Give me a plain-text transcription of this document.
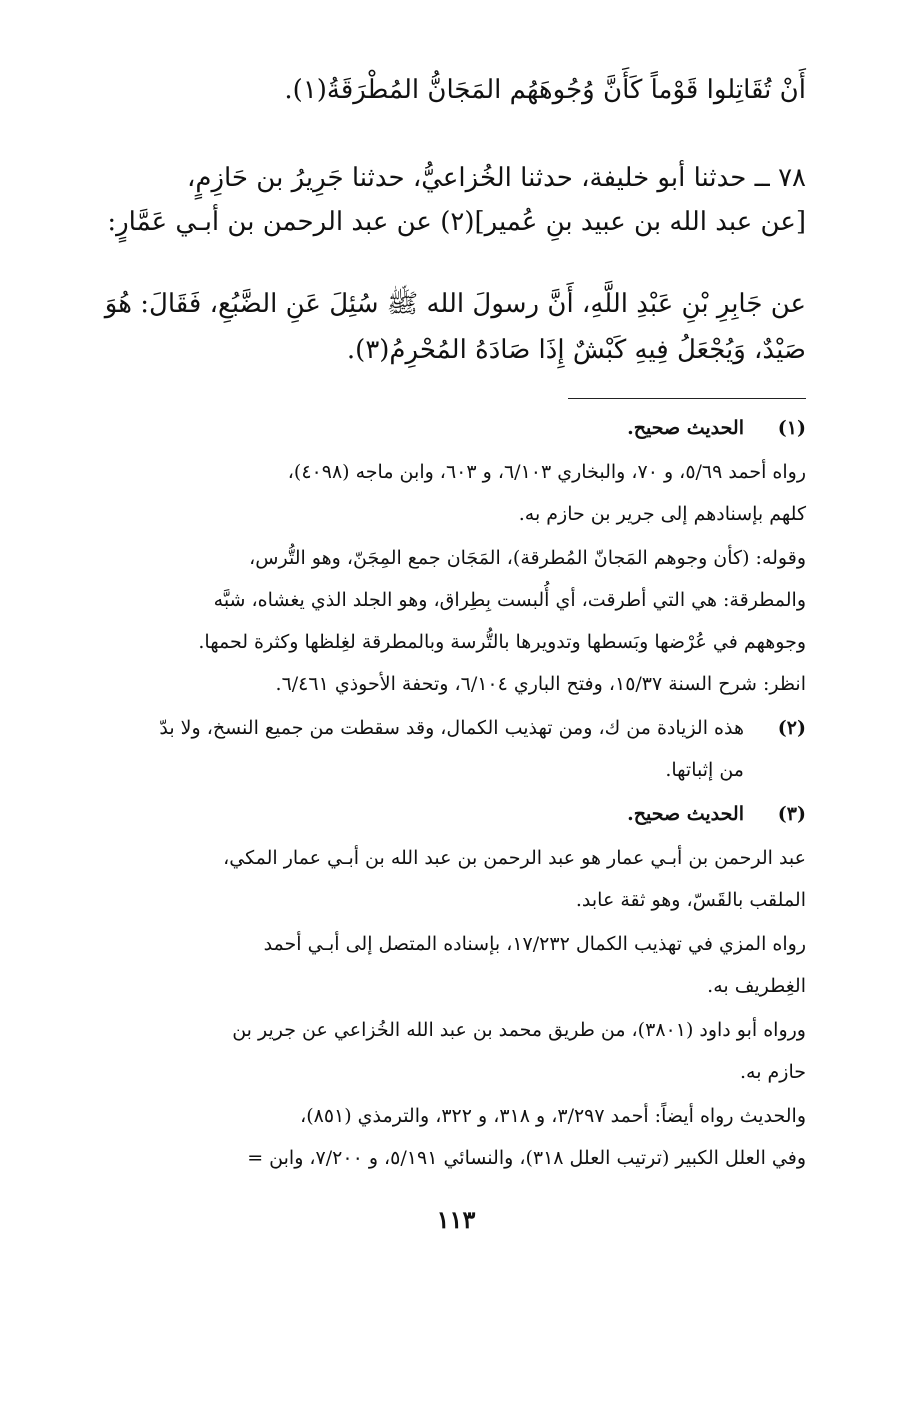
أَنْ تُقَاتِلوا قَوْماً كَأَنَّ وُجُوهَهُم المَجَانُّ المُطْرَقَةُ(١).
٧٨ ــ حدثنا أبو خليفة، حدثنا الخُزاعيُّ، حدثنا جَرِيرُ بن حَازِمٍ،
[عن عبد الله بن عبيد بنِ عُمير](٢) عن عبد الرحمن بن أبـي عَمَّارٍ:
عن جَابِرِ بْنِ عَبْدِ اللَّهِ، أَنَّ رسولَ الله ﷺ سُئِلَ عَنِ الضَّبُعِ، فَقَالَ: هُوَ
صَيْدٌ، وَيُجْعَلُ فِيهِ كَبْشٌ إِذَا صَادَهُ المُحْرِمُ(٣).
(١)
الحديث صحيح.
رواه أحمد ٥/٦٩، و ٧٠، والبخاري ٦/١٠٣، و ٦٠٣، وابن ماجه (٤٠٩٨)،
كلهم بإسنادهم إلى جرير بن حازم به.
وقوله: (كأن وجوهم المَجانّ المُطرقة)، المَجَان جمع المِجَنّ، وهو التُّرس،
والمطرقة: هي التي أطرقت، أي أُلبست بِطِراق، وهو الجلد الذي يغشاه، شبَّه
وجوههم في عُرْضها وبَسطها وتدويرها بالتُّرسة وبالمطرقة لغِلظها وكثرة لحمها.
انظر: شرح السنة ١٥/٣٧، وفتح الباري ٦/١٠٤، وتحفة الأحوذي ٦/٤٦١.
(٢)
هذه الزيادة من ك، ومن تهذيب الكمال، وقد سقطت من جميع النسخ، ولا بدّ
من إثباتها.
(٣)
الحديث صحيح.
عبد الرحمن بن أبـي عمار هو عبد الرحمن بن عبد الله بن أبـي عمار المكي،
الملقب بالقَسّ، وهو ثقة عابد.
رواه المزي في تهذيب الكمال ١٧/٢٣٢، بإسناده المتصل إلى أبـي أحمد
الغِطريف به.
ورواه أبو داود (٣٨٠١)، من طريق محمد بن عبد الله الخُزاعي عن جرير بن
حازم به.
والحديث رواه أيضاً: أحمد ٣/٢٩٧، و ٣١٨، و ٣٢٢، والترمذي (٨٥١)،
وفي العلل الكبير (ترتيب العلل ٣١٨)، والنسائي ٥/١٩١، و ٧/٢٠٠، وابن =
١١٣
